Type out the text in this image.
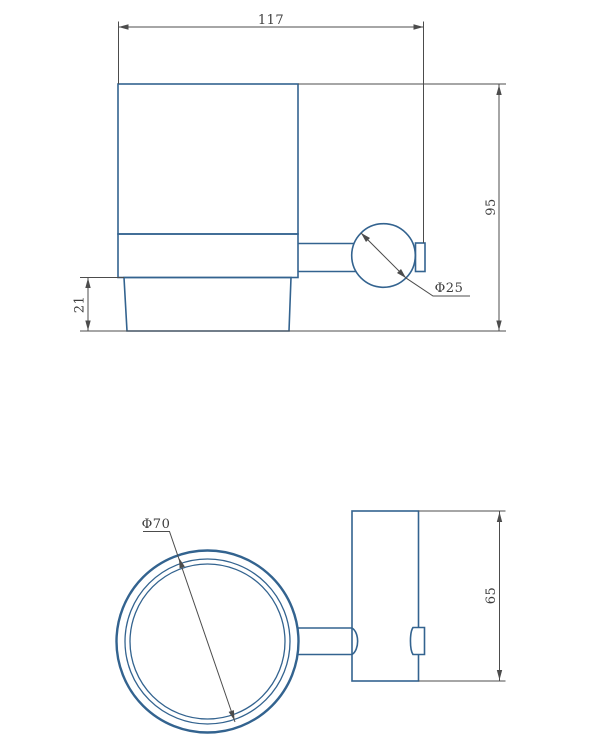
117
95
21
Φ25
Φ70
65
